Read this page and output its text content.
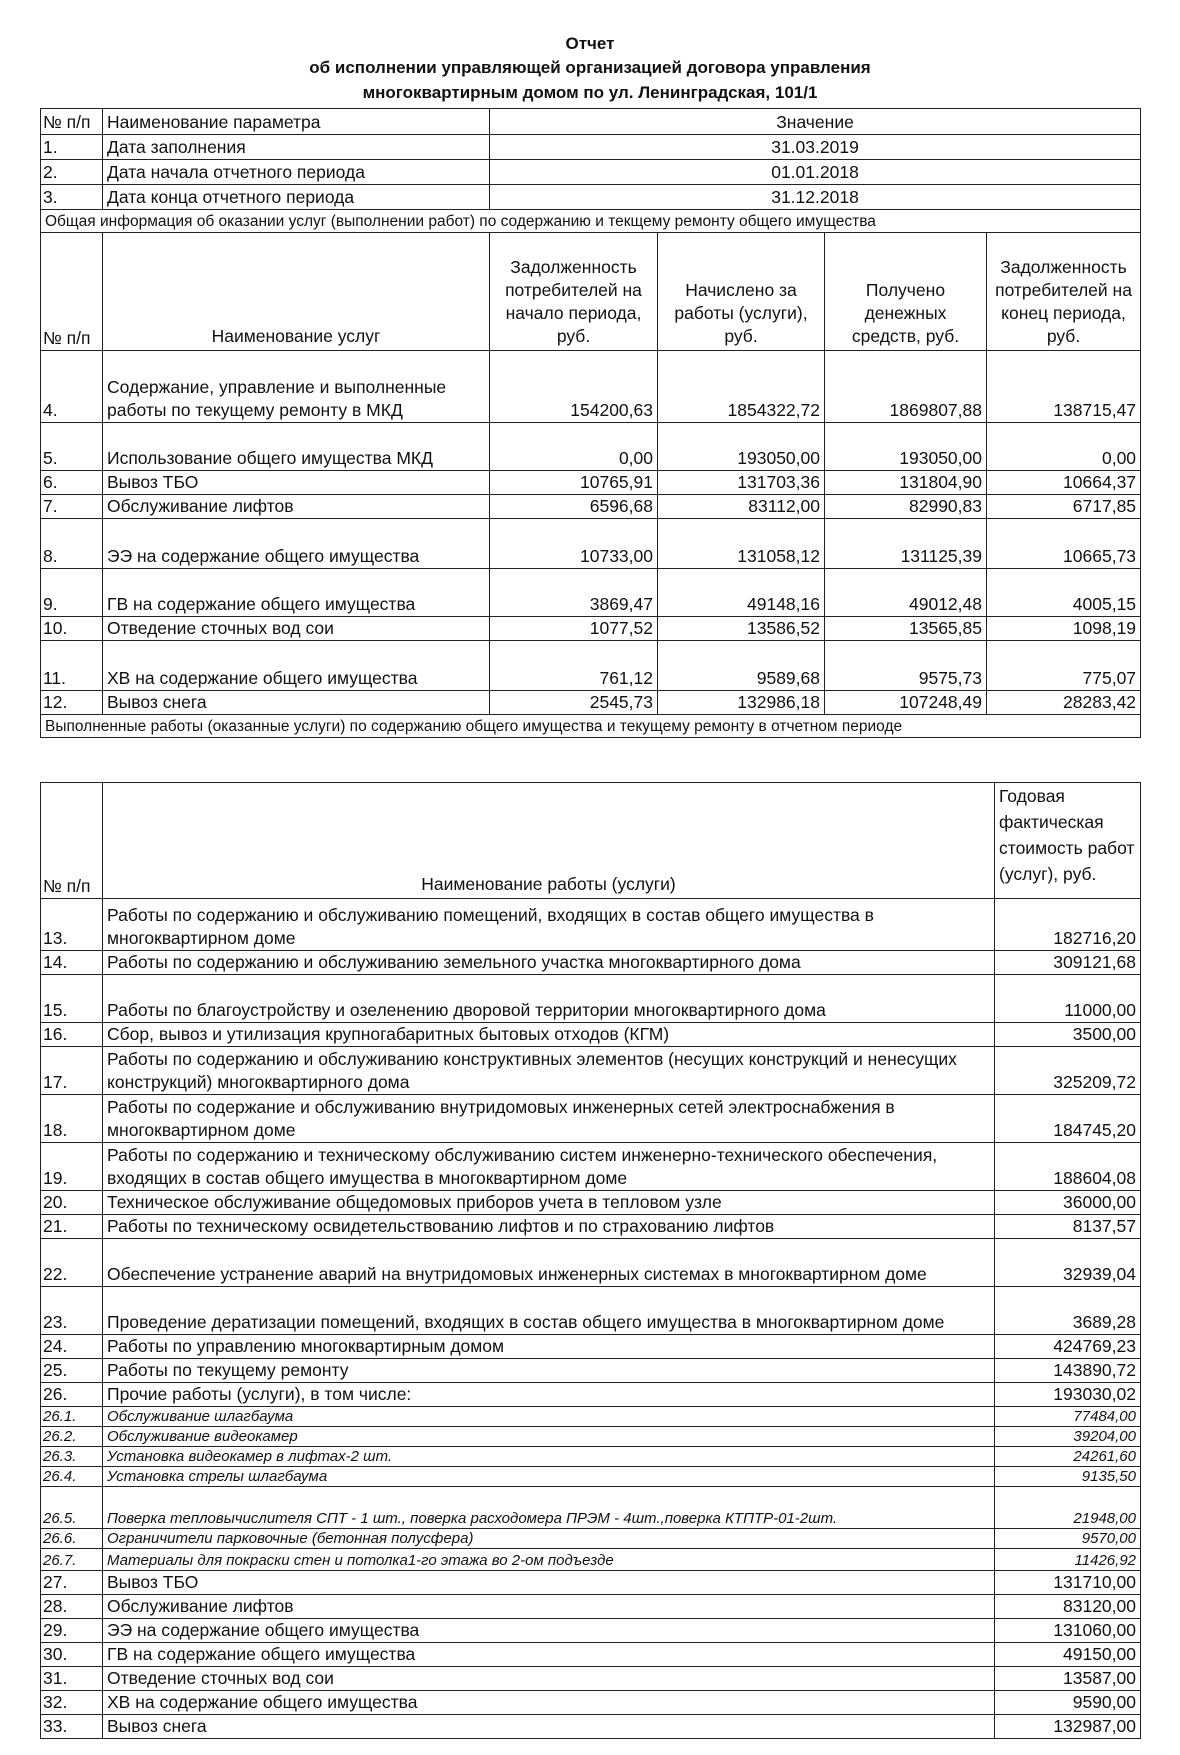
Отчет
об исполнении управляющей организацией договора управления
многоквартирным домом по ул. Ленинградская, 101/1
№ п/п	Наименование параметра	Значение			
1.	Дата заполнения	31.03.2019			
2.	Дата начала отчетного периода	01.01.2018			
3.	Дата конца отчетного периода	31.12.2018			
Общая информация об оказании услуг (выполнении работ) по содержанию и текщему ремонту общего имущества					
№ п/п	Наименование услуг	Задолженность потребителей на начало периода, руб.	Начислено за работы (услуги), руб.	Получено денежных средств, руб.	Задолженность потребителей на конец периода, руб.
4.	Содержание, управление и выполненные работы по текущему ремонту в МКД	154200,63	1854322,72	1869807,88	138715,47
5.	Использование общего имущества МКД	0,00	193050,00	193050,00	0,00
6.	Вывоз ТБО	10765,91	131703,36	131804,90	10664,37
7.	Обслуживание лифтов	6596,68	83112,00	82990,83	6717,85
8.	ЭЭ на содержание общего имущества	10733,00	131058,12	131125,39	10665,73
9.	ГВ на содержание общего имущества	3869,47	49148,16	49012,48	4005,15
10.	Отведение сточных вод сои	1077,52	13586,52	13565,85	1098,19
11.	ХВ на содержание общего имущества	761,12	9589,68	9575,73	775,07
12.	Вывоз снега	2545,73	132986,18	107248,49	28283,42
Выполненные работы (оказанные услуги) по содержанию общего имущества и текущему ремонту в отчетном периоде					
№ п/п	Наименование работы (услуги)	Годовая фактическая стоимость работ (услуг), руб.
13.	Работы по содержанию и обслуживанию помещений, входящих в состав общего имущества в многоквартирном доме	182716,20
14.	Работы по содержанию и обслуживанию земельного участка многоквартирного дома	309121,68
15.	Работы по благоустройству и озеленению дворовой территории многоквартирного дома	11000,00
16.	Сбор, вывоз и утилизация крупногабаритных бытовых отходов (КГМ)	3500,00
17.	Работы по содержанию и обслуживанию конструктивных элементов (несущих конструкций и ненесущих конструкций) многоквартирного дома	325209,72
18.	Работы по содержание и обслуживанию внутридомовых инженерных сетей электроснабжения в многоквартирном доме	184745,20
19.	Работы по содержанию и техническому обслуживанию систем инженерно-технического обеспечения, входящих в состав общего имущества в многоквартирном доме	188604,08
20.	Техническое обслуживание общедомовых приборов учета в тепловом узле	36000,00
21.	Работы по техническому освидетельствованию лифтов и по страхованию лифтов	8137,57
22.	Обеспечение устранение аварий на внутридомовых инженерных системах в многоквартирном доме	32939,04
23.	Проведение дератизации помещений, входящих в состав общего имущества в многоквартирном доме	3689,28
24.	Работы по управлению многоквартирным домом	424769,23
25.	Работы по текущему ремонту	143890,72
26.	Прочие работы (услуги), в том числе:	193030,02
26.1.	Обслуживание шлагбаума	77484,00
26.2.	Обслуживание видеокамер	39204,00
26.3.	Установка видеокамер в лифтах-2 шт.	24261,60
26.4.	Установка стрелы шлагбаума	9135,50
26.5.	Поверка тепловычислителя СПТ - 1 шт., поверка расходомера ПРЭМ - 4шт.,поверка КТПТР-01-2шт.	21948,00
26.6.	Ограничители парковочные (бетонная полусфера)	9570,00
26.7.	Материалы для покраски стен и потолка1-го этажа во 2-ом подъезде	11426,92
27.	Вывоз ТБО	131710,00
28.	Обслуживание лифтов	83120,00
29.	ЭЭ на содержание общего имущества	131060,00
30.	ГВ на содержание общего имущества	49150,00
31.	Отведение сточных вод сои	13587,00
32.	ХВ на содержание общего имущества	9590,00
33.	Вывоз снега	132987,00
